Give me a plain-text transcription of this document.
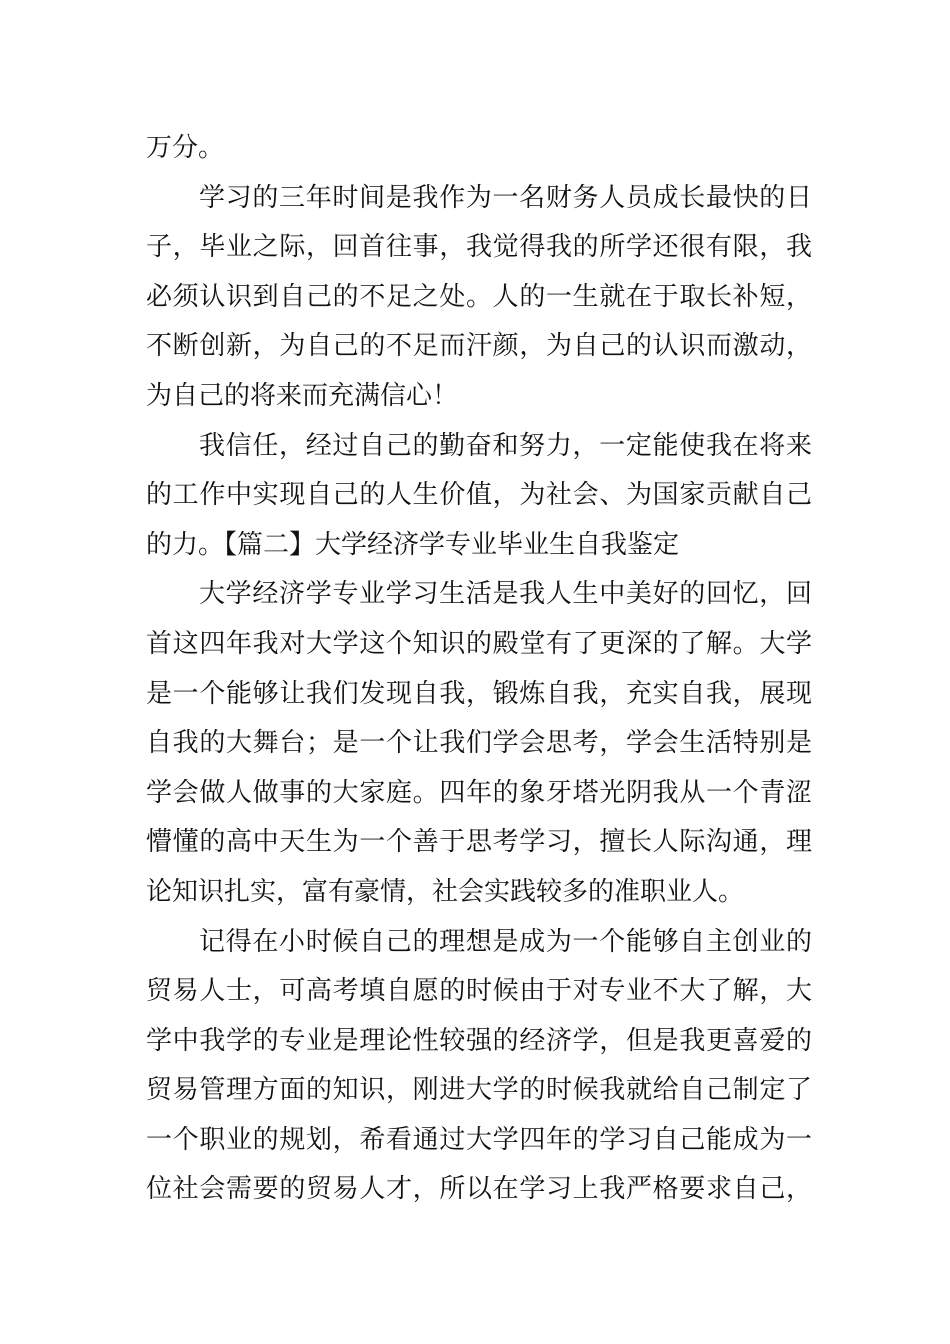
万分。
学习的三年时间是我作为一名财务人员成长最快的日
子，毕业之际，回首往事，我觉得我的所学还很有限，我
必须认识到自己的不足之处。人的一生就在于取长补短，
不断创新，为自己的不足而汗颜，为自己的认识而激动，
为自己的将来而充满信心！
我信任，经过自己的勤奋和努力，一定能使我在将来
的工作中实现自己的人生价值，为社会、为国家贡献自己
的力。【篇二】大学经济学专业毕业生自我鉴定
大学经济学专业学习生活是我人生中美好的回忆，回
首这四年我对大学这个知识的殿堂有了更深的了解。大学
是一个能够让我们发现自我，锻炼自我，充实自我，展现
自我的大舞台；是一个让我们学会思考，学会生活特别是
学会做人做事的大家庭。四年的象牙塔光阴我从一个青涩
懵懂的高中天生为一个善于思考学习，擅长人际沟通，理
论知识扎实，富有豪情，社会实践较多的准职业人。
记得在小时候自己的理想是成为一个能够自主创业的
贸易人士，可高考填自愿的时候由于对专业不大了解，大
学中我学的专业是理论性较强的经济学，但是我更喜爱的
贸易管理方面的知识，刚进大学的时候我就给自己制定了
一个职业的规划，希看通过大学四年的学习自己能成为一
位社会需要的贸易人才，所以在学习上我严格要求自己，
